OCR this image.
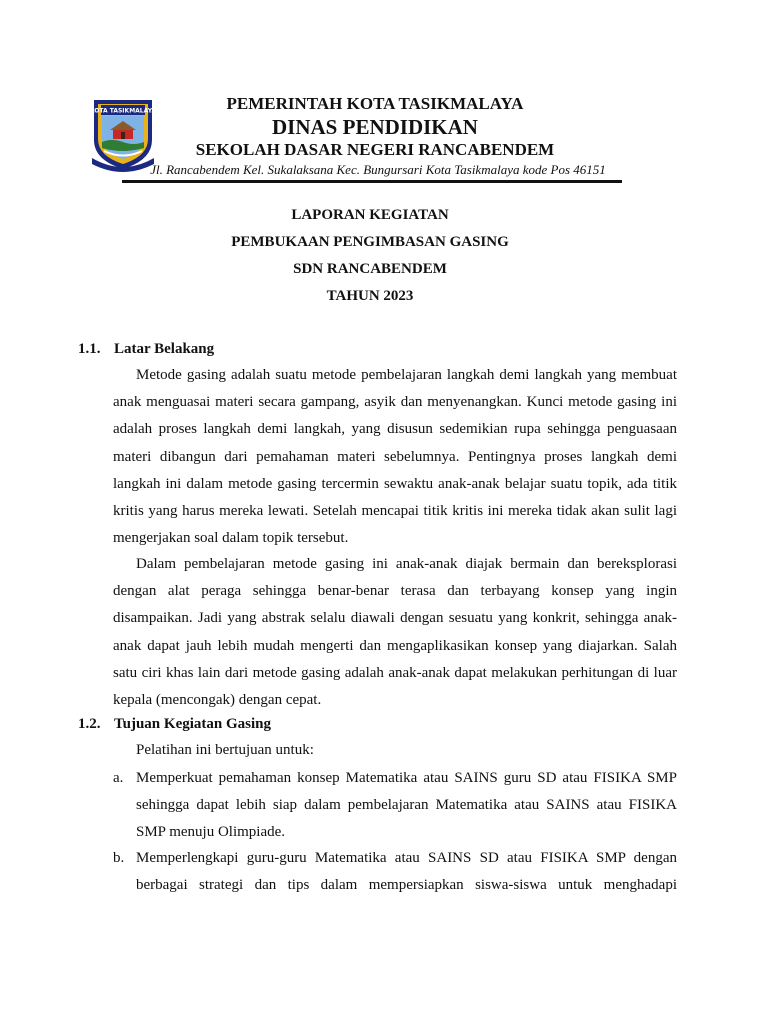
KOTA TASIKMALAYA	PEMERINTAH KOTA TASIKMALAYA
DINAS PENDIDIKAN
SEKOLAH DASAR NEGERI RANCABENDEM
Jl. Rancabendem Kel. Sukalaksana Kec. Bungursari Kota Tasikmalaya kode Pos 46151
LAPORAN KEGIATAN
PEMBUKAAN PENGIMBASAN GASING
SDN RANCABENDEM
TAHUN 2023
1.1. Latar Belakang

Metode gasing adalah suatu metode pembelajaran langkah demi langkah yang membuat anak menguasai materi secara gampang, asyik dan menyenangkan. Kunci metode gasing ini adalah proses langkah demi langkah, yang disusun sedemikian rupa sehingga penguasaan materi dibangun dari pemahaman materi sebelumnya. Pentingnya proses langkah demi langkah ini dalam metode gasing tercermin sewaktu anak-anak belajar suatu topik, ada titik kritis yang harus mereka lewati. Setelah mencapai titik kritis ini mereka tidak akan sulit lagi mengerjakan soal dalam topik tersebut.

Dalam pembelajaran metode gasing ini anak-anak diajak bermain dan bereksplorasi dengan alat peraga sehingga benar-benar terasa dan terbayang konsep yang ingin disampaikan. Jadi yang abstrak selalu diawali dengan sesuatu yang konkrit, sehingga anak-anak dapat jauh lebih mudah mengerti dan mengaplikasikan konsep yang diajarkan. Salah satu ciri khas lain dari metode gasing adalah anak-anak dapat melakukan perhitungan di luar kepala (mencongak) dengan cepat.

1.2. Tujuan Kegiatan Gasing
Pelatihan ini bertujuan untuk:
a. Memperkuat pemahaman konsep Matematika atau SAINS guru SD atau FISIKA SMP sehingga dapat lebih siap dalam pembelajaran Matematika atau SAINS atau FISIKA SMP menuju Olimpiade.
b. Memperlengkapi guru-guru Matematika atau SAINS SD atau FISIKA SMP dengan berbagai strategi dan tips dalam mempersiapkan siswa-siswa untuk menghadapi
